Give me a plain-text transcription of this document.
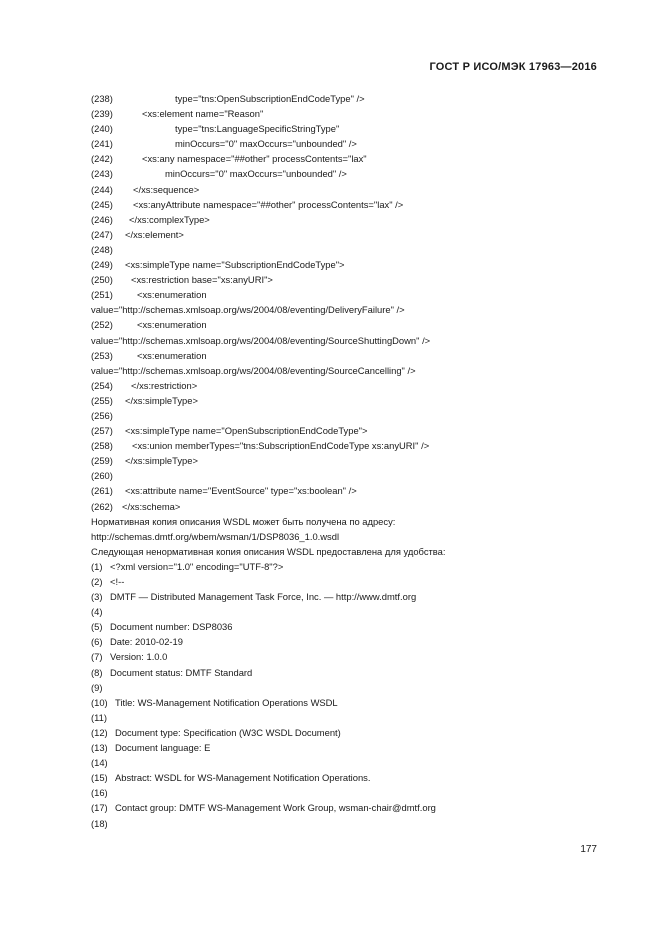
ГОСТ Р ИСО/МЭК 17963—2016
(238)	type="tns:OpenSubscriptionEndCodeType" />
(239)	<xs:element name="Reason"
(240)	type="tns:LanguageSpecificStringType"
(241)	minOccurs="0" maxOccurs="unbounded" />
(242)	<xs:any namespace="##other" processContents="lax"
(243)	minOccurs="0" maxOccurs="unbounded" />
(244) </xs:sequence>
(245) <xs:anyAttribute namespace="##other" processContents="lax" />
(246) </xs:complexType>
(247) </xs:element>
(248)
(249) <xs:simpleType name="SubscriptionEndCodeType">
(250) <xs:restriction base="xs:anyURI">
(251)	<xs:enumeration
value="http://schemas.xmlsoap.org/ws/2004/08/eventing/DeliveryFailure" />
(252)	<xs:enumeration
value="http://schemas.xmlsoap.org/ws/2004/08/eventing/SourceShuttingDown" />
(253)	<xs:enumeration
value="http://schemas.xmlsoap.org/ws/2004/08/eventing/SourceCancelling" />
(254) </xs:restriction>
(255) </xs:simpleType>
(256)
(257) <xs:simpleType name="OpenSubscriptionEndCodeType">
(258) <xs:union memberTypes="tns:SubscriptionEndCodeType xs:anyURI" />
(259) </xs:simpleType>
(260)
(261) <xs:attribute name="EventSource" type="xs:boolean" />
(262) </xs:schema>
Нормативная копия описания WSDL может быть получена по адресу:
http://schemas.dmtf.org/wbem/wsman/1/DSP8036_1.0.wsdl
Следующая ненормативная копия описания WSDL предоставлена для удобства:
(1) <?xml version="1.0" encoding="UTF-8"?>
(2) <!--
(3) DMTF — Distributed Management Task Force, Inc. — http://www.dmtf.org
(4)
(5) Document number: DSP8036
(6) Date: 2010-02-19
(7) Version: 1.0.0
(8) Document status: DMTF Standard
(9)
(10) Title: WS-Management Notification Operations WSDL
(11)
(12) Document type: Specification (W3C WSDL Document)
(13) Document language: E
(14)
(15) Abstract: WSDL for WS-Management Notification Operations.
(16)
(17) Contact group: DMTF WS-Management Work Group, wsman-chair@dmtf.org
(18)
177
